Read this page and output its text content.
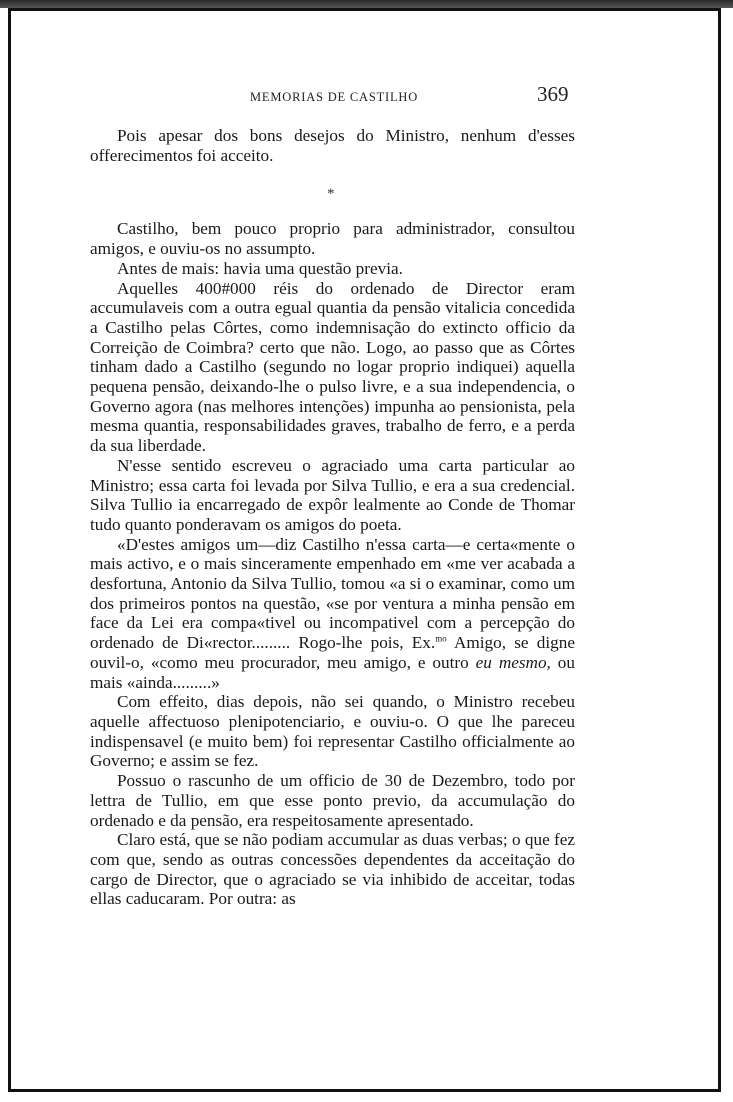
MEMORIAS DE CASTILHO	369
*

Pois apesar dos bons desejos do Ministro, nenhum d'esses offerecimentos foi acceito.

Castilho, bem pouco proprio para administrador, consultou amigos, e ouviu-os no assumpto.

Antes de mais: havia uma questão previa.

Aquelles 400#000 réis do ordenado de Director eram accumulaveis com a outra egual quantia da pensão vitalicia concedida a Castilho pelas Côrtes, como indemnisação do extincto officio da Correição de Coimbra? certo que não. Logo, ao passo que as Côrtes tinham dado a Castilho (segundo no logar proprio indiquei) aquella pequena pensão, deixando-lhe o pulso livre, e a sua independencia, o Governo agora (nas melhores intenções) impunha ao pensionista, pela mesma quantia, responsabilidades graves, trabalho de ferro, e a perda da sua liberdade.

N'esse sentido escreveu o agraciado uma carta particular ao Ministro; essa carta foi levada por Silva Tullio, e era a sua credencial. Silva Tullio ia encarregado de expôr lealmente ao Conde de Thomar tudo quanto ponderavam os amigos do poeta.

«D'estes amigos um—diz Castilho n'essa carta—e certa«mente o mais activo, e o mais sinceramente empenhado em «me ver acabada a desfortuna, Antonio da Silva Tullio, tomou «a si o examinar, como um dos primeiros pontos na questão, «se por ventura a minha pensão em face da Lei era compa«tivel ou incompativel com a percepção do ordenado de Di«rector......... Rogo-lhe pois, Ex.$^{mo}$ Amigo, se digne ouvil-o, «como meu procurador, meu amigo, e outro eu mesmo, ou mais «ainda.........»

Com effeito, dias depois, não sei quando, o Ministro recebeu aquelle affectuoso plenipotenciario, e ouviu-o. O que lhe pareceu indispensavel (e muito bem) foi representar Castilho officialmente ao Governo; e assim se fez.

Possuo o rascunho de um officio de 30 de Dezembro, todo por lettra de Tullio, em que esse ponto previo, da accumulação do ordenado e da pensão, era respeitosamente apresentado.

Claro está, que se não podiam accumular as duas verbas; o que fez com que, sendo as outras concessões dependentes da acceitação do cargo de Director, que o agraciado se via inhibido de acceitar, todas ellas caducaram. Por outra: as
